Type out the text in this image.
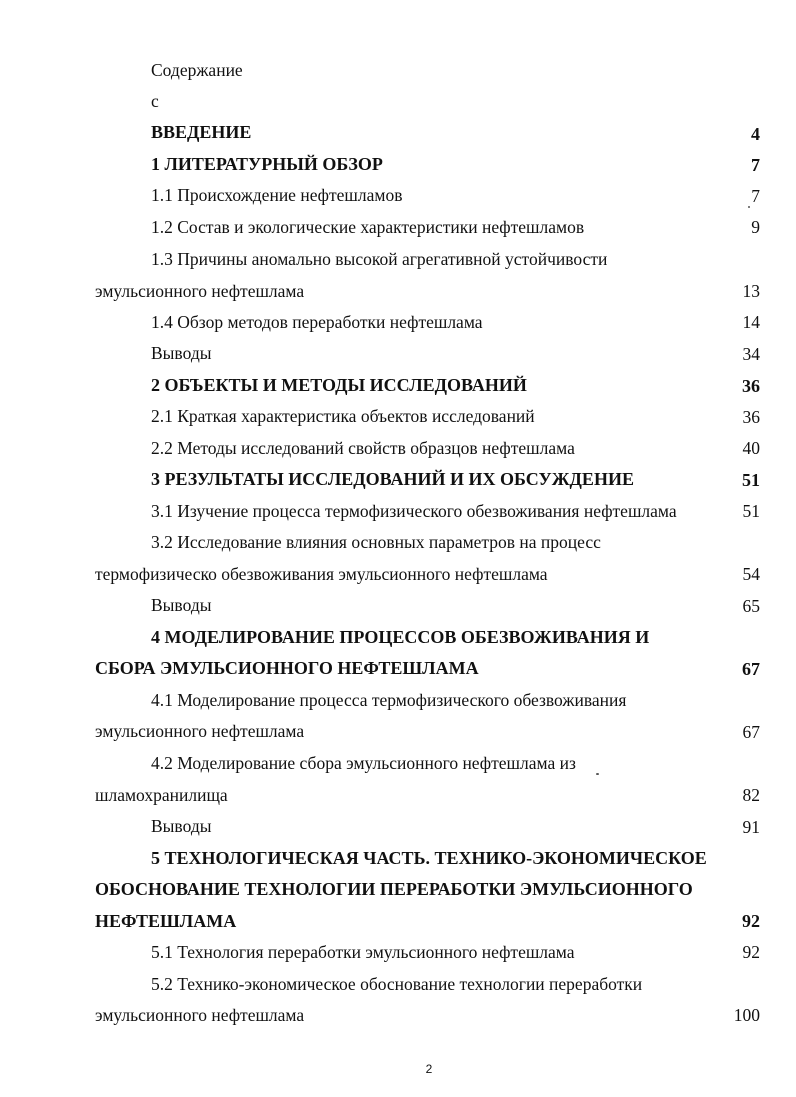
Содержание
с
ВВЕДЕНИЕ	4
1 ЛИТЕРАТУРНЫЙ ОБЗОР	7
1.1 Происхождение нефтешламов	7
1.2 Состав и экологические характеристики нефтешламов	9
1.3 Причины аномально высокой агрегативной устойчивости
эмульсионного нефтешлама	13
1.4 Обзор методов переработки нефтешлама	14
Выводы	34
2 ОБЪЕКТЫ И МЕТОДЫ ИССЛЕДОВАНИЙ	36
2.1 Краткая характеристика объектов исследований	36
2.2 Методы исследований свойств образцов нефтешлама	40
3 РЕЗУЛЬТАТЫ ИССЛЕДОВАНИЙ И ИХ ОБСУЖДЕНИЕ	51
3.1 Изучение процесса термофизического обезвоживания нефтешлама	51
3.2 Исследование влияния основных параметров на процесс
термофизическо обезвоживания эмульсионного нефтешлама	54
Выводы	65
4 МОДЕЛИРОВАНИЕ ПРОЦЕССОВ ОБЕЗВОЖИВАНИЯ И
СБОРА ЭМУЛЬСИОННОГО НЕФТЕШЛАМА	67
4.1 Моделирование процесса термофизического обезвоживания
эмульсионного нефтешлама	67
4.2 Моделирование сбора эмульсионного нефтешлама из
шламохранилища	82
Выводы	91
5 ТЕХНОЛОГИЧЕСКАЯ ЧАСТЬ. ТЕХНИКО-ЭКОНОМИЧЕСКОЕ
ОБОСНОВАНИЕ ТЕХНОЛОГИИ ПЕРЕРАБОТКИ ЭМУЛЬСИОННОГО
НЕФТЕШЛАМА	92
5.1 Технология переработки эмульсионного нефтешлама	92
5.2 Технико-экономическое обоснование технологии переработки
эмульсионного нефтешлама	100
2
